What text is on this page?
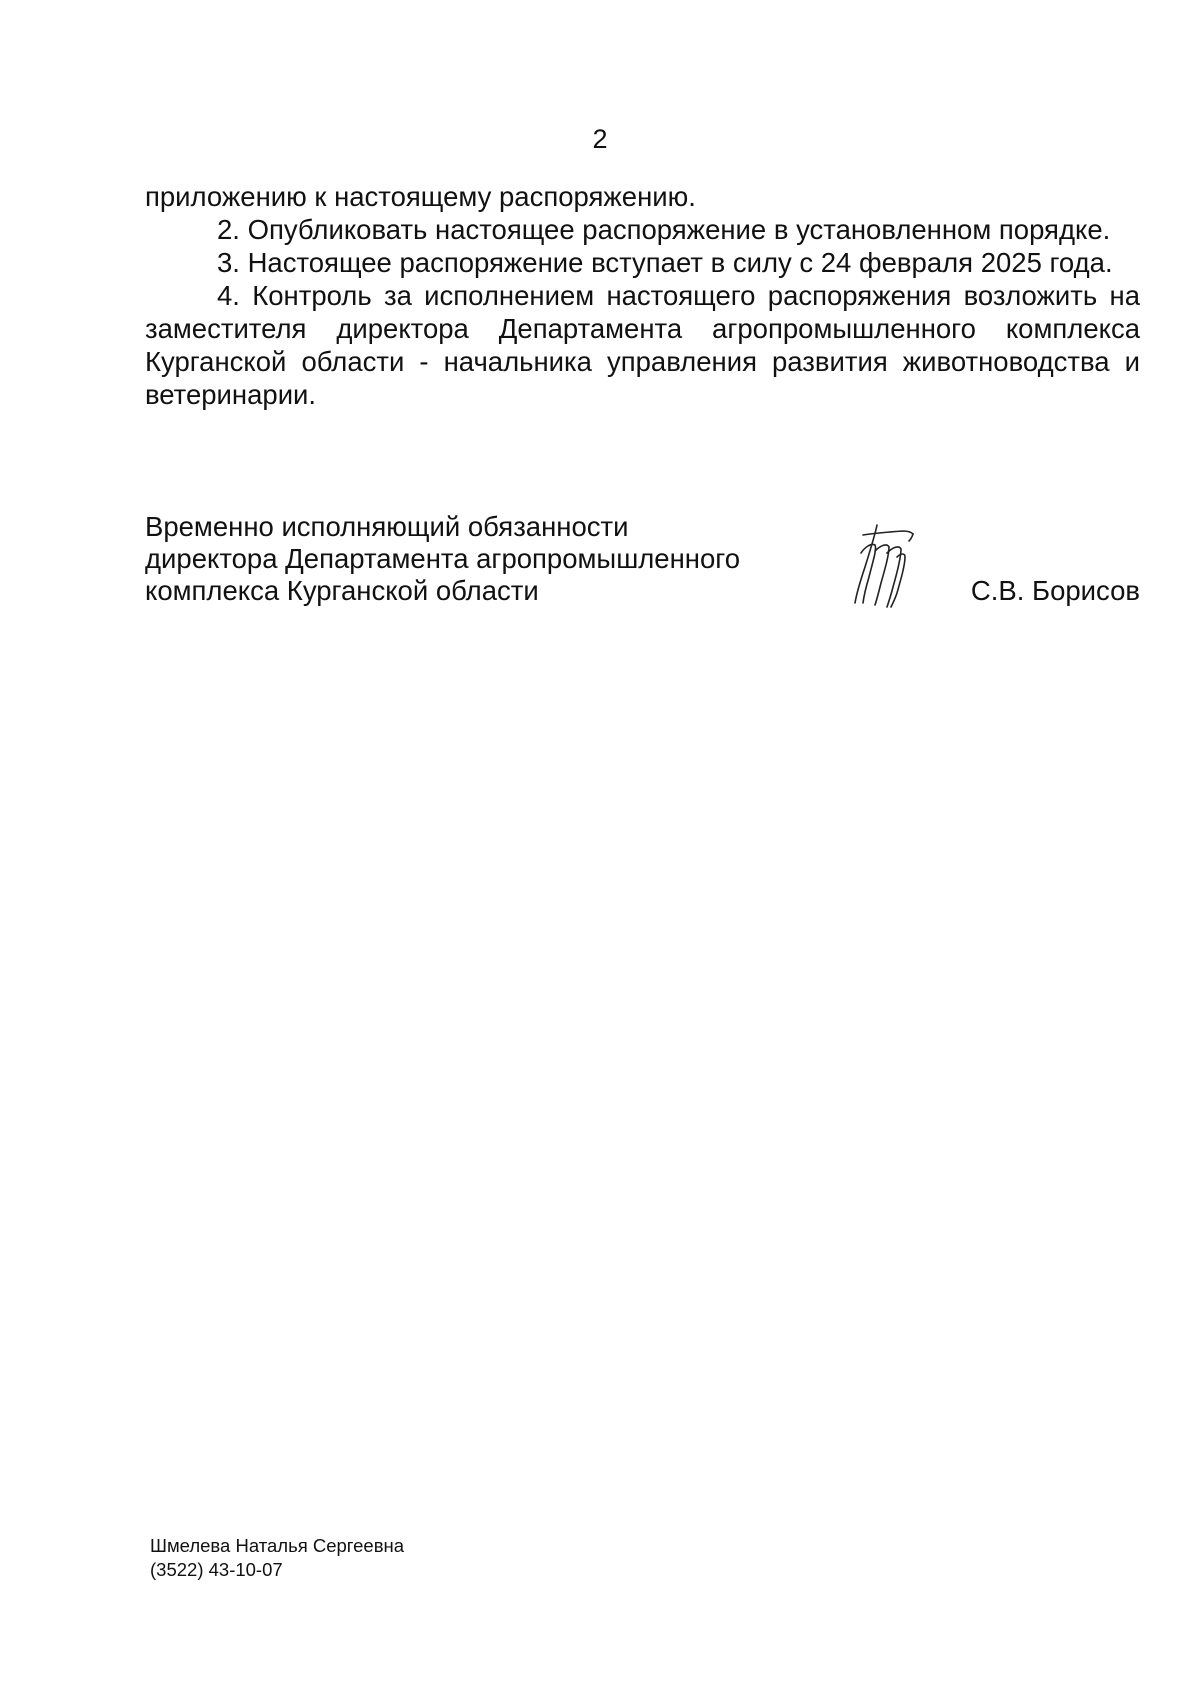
2

приложению к настоящему распоряжению.

2. Опубликовать настоящее распоряжение в установленном порядке.

3. Настоящее распоряжение вступает в силу с 24 февраля 2025 года.

4. Контроль за исполнением настоящего распоряжения возложить на заместителя директора Департамента агропромышленного комплекса Курганской области - начальника управления развития животноводства и ветеринарии.

Временно исполняющий обязанности
директора Департамента агропромышленного
комплекса Курганской области	С.В. Борисов
Шмелева Наталья Сергеевна
(3522) 43-10-07
